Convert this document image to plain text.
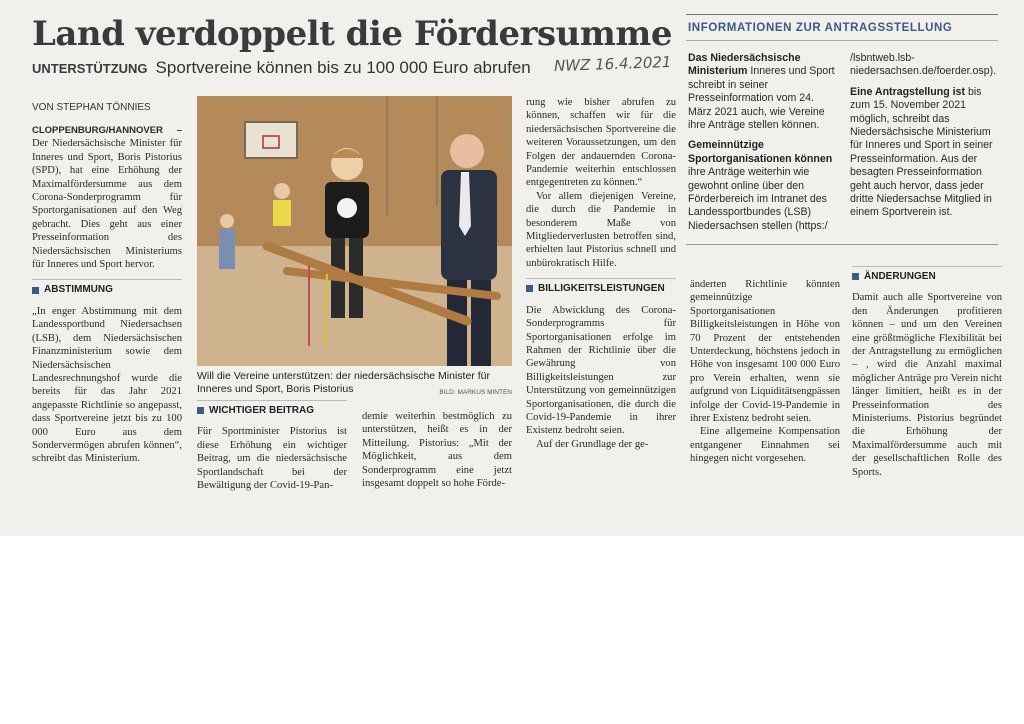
Land verdoppelt die Fördersumme
UNTERSTÜTZUNG Sportvereine können bis zu 100 000 Euro abrufen NWZ 16.4.2021
VON STEPHAN TÖNNIES

CLOPPENBURG/HANNOVER – Der Niedersächsische Minister für Inneres und Sport, Boris Pistorius (SPD), hat eine Erhöhung der Maximalfördersumme aus dem Corona-Sonderprogramm für Sportorganisationen auf den Weg gebracht. Dies geht aus einer Presseinformation des Niedersächsischen Ministeriums für Inneres und Sport hervor.

ABSTIMMUNG

„In enger Abstimmung mit dem Landessportbund Niedersachsen (LSB), dem Niedersächsischen Finanzministerium sowie dem Niedersächsischen Landesrechnungshof wurde die bereits für das Jahr 2021 angepasste Richtlinie so angepasst, dass Sportvereine jetzt bis zu 100 000 Euro aus dem Sondervermögen abrufen können“, schreibt das Ministerium.

Will die Vereine unterstützen: der niedersächsische Minister für Inneres und Sport, Boris Pistorius	BILD: MARKUS MINTEN
WICHTIGER BEITRAG

Für Sportminister Pistorius ist diese Erhöhung ein wichtiger Beitrag, um die niedersächsische Sportlandschaft bei der Bewältigung der Covid-19-Pan-

demie weiterhin bestmöglich zu unterstützen, heißt es in der Mitteilung. Pistorius: „Mit der Möglichkeit, aus dem Sonderprogramm eine jetzt insgesamt doppelt so hohe Förde-

rung wie bisher abrufen zu können, schaffen wir für die niedersächsischen Sportvereine die weiteren Voraussetzungen, um den Folgen der andauernden Corona-Pandemie weiterhin entschlossen entgegentreten zu können.“

Vor allem diejenigen Vereine, die durch die Pandemie in besonderem Maße von Mitgliederverlusten betroffen sind, erhielten laut Pistorius schnell und unbürokratisch Hilfe.

BILLIGKEITSLEISTUNGEN

Die Abwicklung des Corona-Sonderprogramms für Sportorganisationen erfolge im Rahmen der Richtlinie über die Gewährung von Billigkeitsleistungen zur Unterstützung von gemeinnützigen Sportorganisationen, die durch die Covid-19-Pandemie in ihrer Existenz bedroht seien.

Auf der Grundlage der ge-

INFORMATIONEN ZUR ANTRAGSSTELLUNG

Das Niedersächsische Ministerium Inneres und Sport schreibt in seiner Presseinformation vom 24. März 2021 auch, wie Vereine ihre Anträge stellen können.

Gemeinnützige Sportorganisationen können ihre Anträge weiterhin wie gewohnt online über den Förderbereich im Intranet des Landessportbundes (LSB) Niedersachsen stellen (https:/

/lsbntweb.lsb-niedersachsen.de/foerder.osp).

Eine Antragstellung ist bis zum 15. November 2021 möglich, schreibt das Niedersächsische Ministerium für Inneres und Sport in seiner Presseinformation. Aus der besagten Presseinformation geht auch hervor, dass jeder dritte Niedersachse Mitglied in einem Sportverein ist.

änderten Richtlinie könnten gemeinnützige Sportorganisationen Billigkeitsleistungen in Höhe von 70 Prozent der entstehenden Unterdeckung, höchstens jedoch in Höhe von insgesamt 100 000 Euro pro Verein erhalten, wenn sie aufgrund von Liquiditätsengpässen infolge der Covid-19-Pandemie in ihrer Existenz bedroht seien.

Eine allgemeine Kompensation entgangener Einnahmen sei hingegen nicht vorgesehen.

ÄNDERUNGEN

Damit auch alle Sportvereine von den Änderungen profitieren können – und um den Vereinen eine größtmögliche Flexibilität bei der Antragstellung zu ermöglichen – , wird die Anzahl maximal möglicher Anträge pro Verein nicht länger limitiert, heißt es in der Presseinformation des Ministeriums. Pistorius begründet die Erhöhung der Maximalfördersumme auch mit der gesellschaftlichen Rolle des Sports.
